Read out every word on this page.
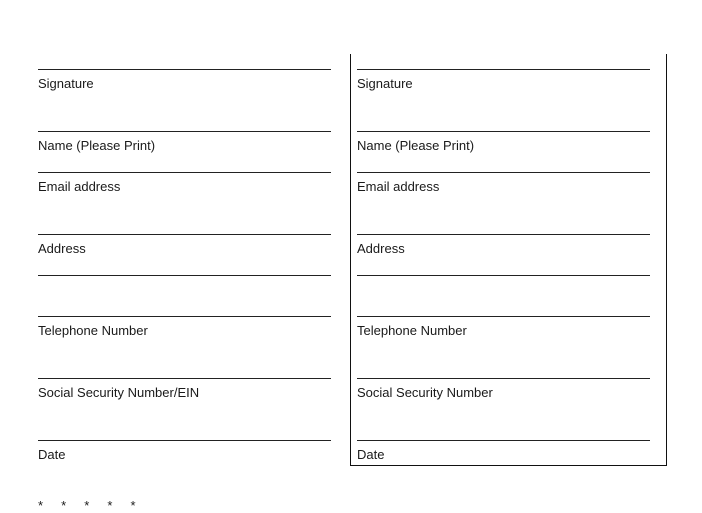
Signature
Name (Please Print)
Email address
Address
Telephone Number
Social Security Number/EIN
Date
Signature
Name (Please Print)
Email address
Address
Telephone Number
Social Security Number
Date
*     *     *     *     *
